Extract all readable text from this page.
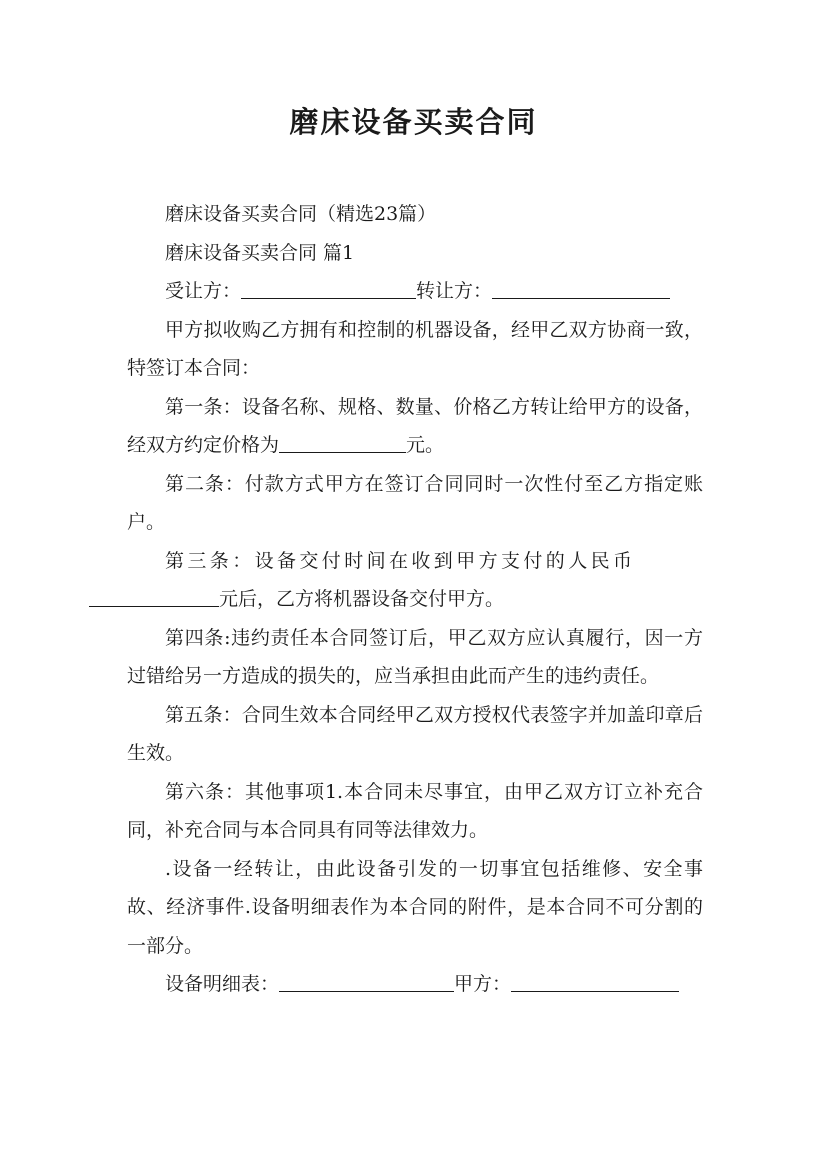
磨床设备买卖合同

磨床设备买卖合同（精选23篇）

磨床设备买卖合同 篇1

受让方：	转让方：

甲方拟收购乙方拥有和控制的机器设备，经甲乙双方协商一致，特签订本合同：

第一条：设备名称、规格、数量、价格乙方转让给甲方的设备，经双方约定价格为	元。

第二条：付款方式甲方在签订合同同时一次性付至乙方指定账户。

第三条：设备交付时间在收到甲方支付的人民币
元后，乙方将机器设备交付甲方。

第四条:违约责任本合同签订后，甲乙双方应认真履行，因一方过错给另一方造成的损失的，应当承担由此而产生的违约责任。

第五条：合同生效本合同经甲乙双方授权代表签字并加盖印章后生效。

第六条：其他事项1.本合同未尽事宜，由甲乙双方订立补充合同，补充合同与本合同具有同等法律效力。

.设备一经转让，由此设备引发的一切事宜包括维修、安全事故、经济事件.设备明细表作为本合同的附件，是本合同不可分割的一部分。

设备明细表：	甲方：
